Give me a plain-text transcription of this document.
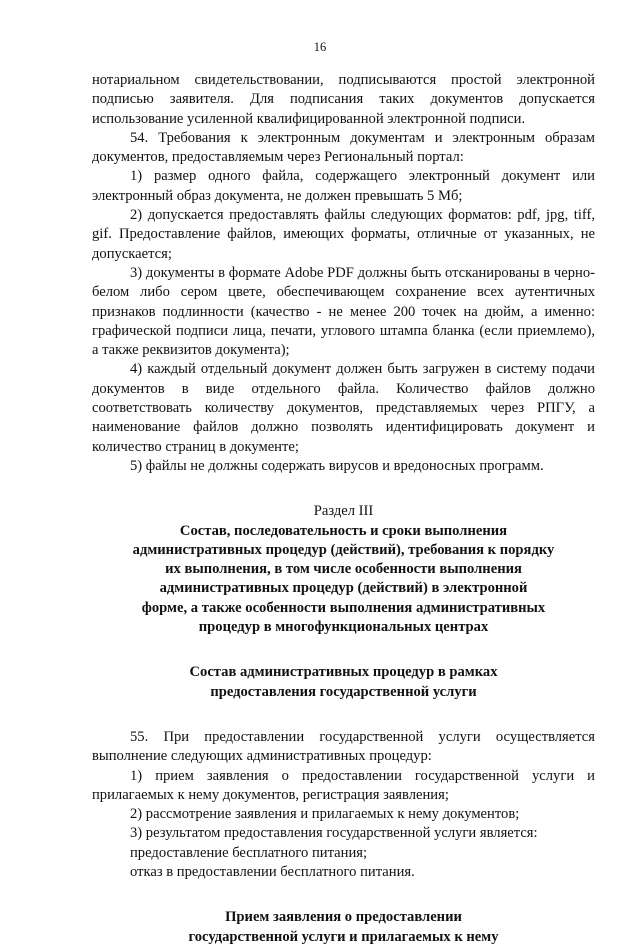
16

нотариальном свидетельствовании, подписываются простой электронной подписью заявителя. Для подписания таких документов допускается использование усиленной квалифицированной электронной подписи.

54. Требования к электронным документам и электронным образам документов, предоставляемым через Региональный портал:

1) размер одного файла, содержащего электронный документ или электронный образ документа, не должен превышать 5 Мб;

2) допускается предоставлять файлы следующих форматов: pdf, jpg, tiff, gif. Предоставление файлов, имеющих форматы, отличные от указанных, не допускается;

3) документы в формате Adobe PDF должны быть отсканированы в черно-белом либо сером цвете, обеспечивающем сохранение всех аутентичных признаков подлинности (качество - не менее 200 точек на дюйм, а именно: графической подписи лица, печати, углового штампа бланка (если приемлемо), а также реквизитов документа);

4) каждый отдельный документ должен быть загружен в систему подачи документов в виде отдельного файла. Количество файлов должно соответствовать количеству документов, представляемых через РПГУ, а наименование файлов должно позволять идентифицировать документ и количество страниц в документе;

5) файлы не должны содержать вирусов и вредоносных программ.

Раздел III

Состав, последовательность и сроки выполнения

административных процедур (действий), требования к порядку

их выполнения, в том числе особенности выполнения

административных процедур (действий) в электронной

форме, а также особенности выполнения административных

процедур в многофункциональных центрах

Состав административных процедур в рамках

предоставления государственной услуги

55. При предоставлении государственной услуги осуществляется выполнение следующих административных процедур:

1) прием заявления о предоставлении государственной услуги и прилагаемых к нему документов, регистрация заявления;

2) рассмотрение заявления и прилагаемых к нему документов;

3) результатом предоставления государственной услуги является:

предоставление бесплатного питания;

отказ в предоставлении бесплатного питания.

Прием заявления о предоставлении

государственной услуги и прилагаемых к нему
